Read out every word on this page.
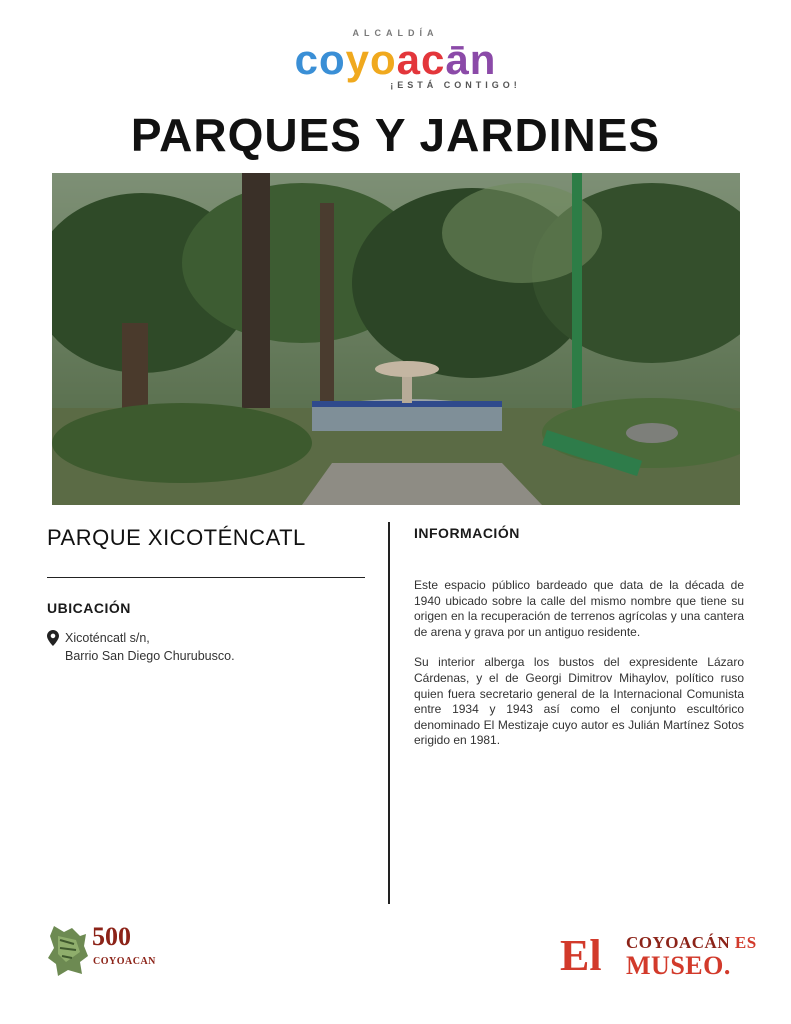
ALCALDÍA
coyoacān
¡ESTÁ CONTIGO!
PARQUES Y JARDINES
PARQUE XICOTÉNCATL
UBICACIÓN
Xicoténcatl s/n,
Barrio San Diego Churubusco.
INFORMACIÓN

Este espacio público bardeado que data de la década de 1940 ubicado sobre la calle del mismo nombre que tiene su origen en la recuperación de terrenos agrícolas y una cantera de arena y grava por un antiguo residente.

Su interior alberga los bustos del expresidente Lázaro Cárdenas, y el de Georgi Dimitrov Mihaylov, político ruso quien fuera secretario general de la Internacional Comunista entre 1934 y 1943 así como el conjunto escultórico denominado El Mestizaje cuyo autor es Julián Martínez Sotos erigido en 1981.

500
COYOACAN	El COYOACÁN ES
MUSEO.
